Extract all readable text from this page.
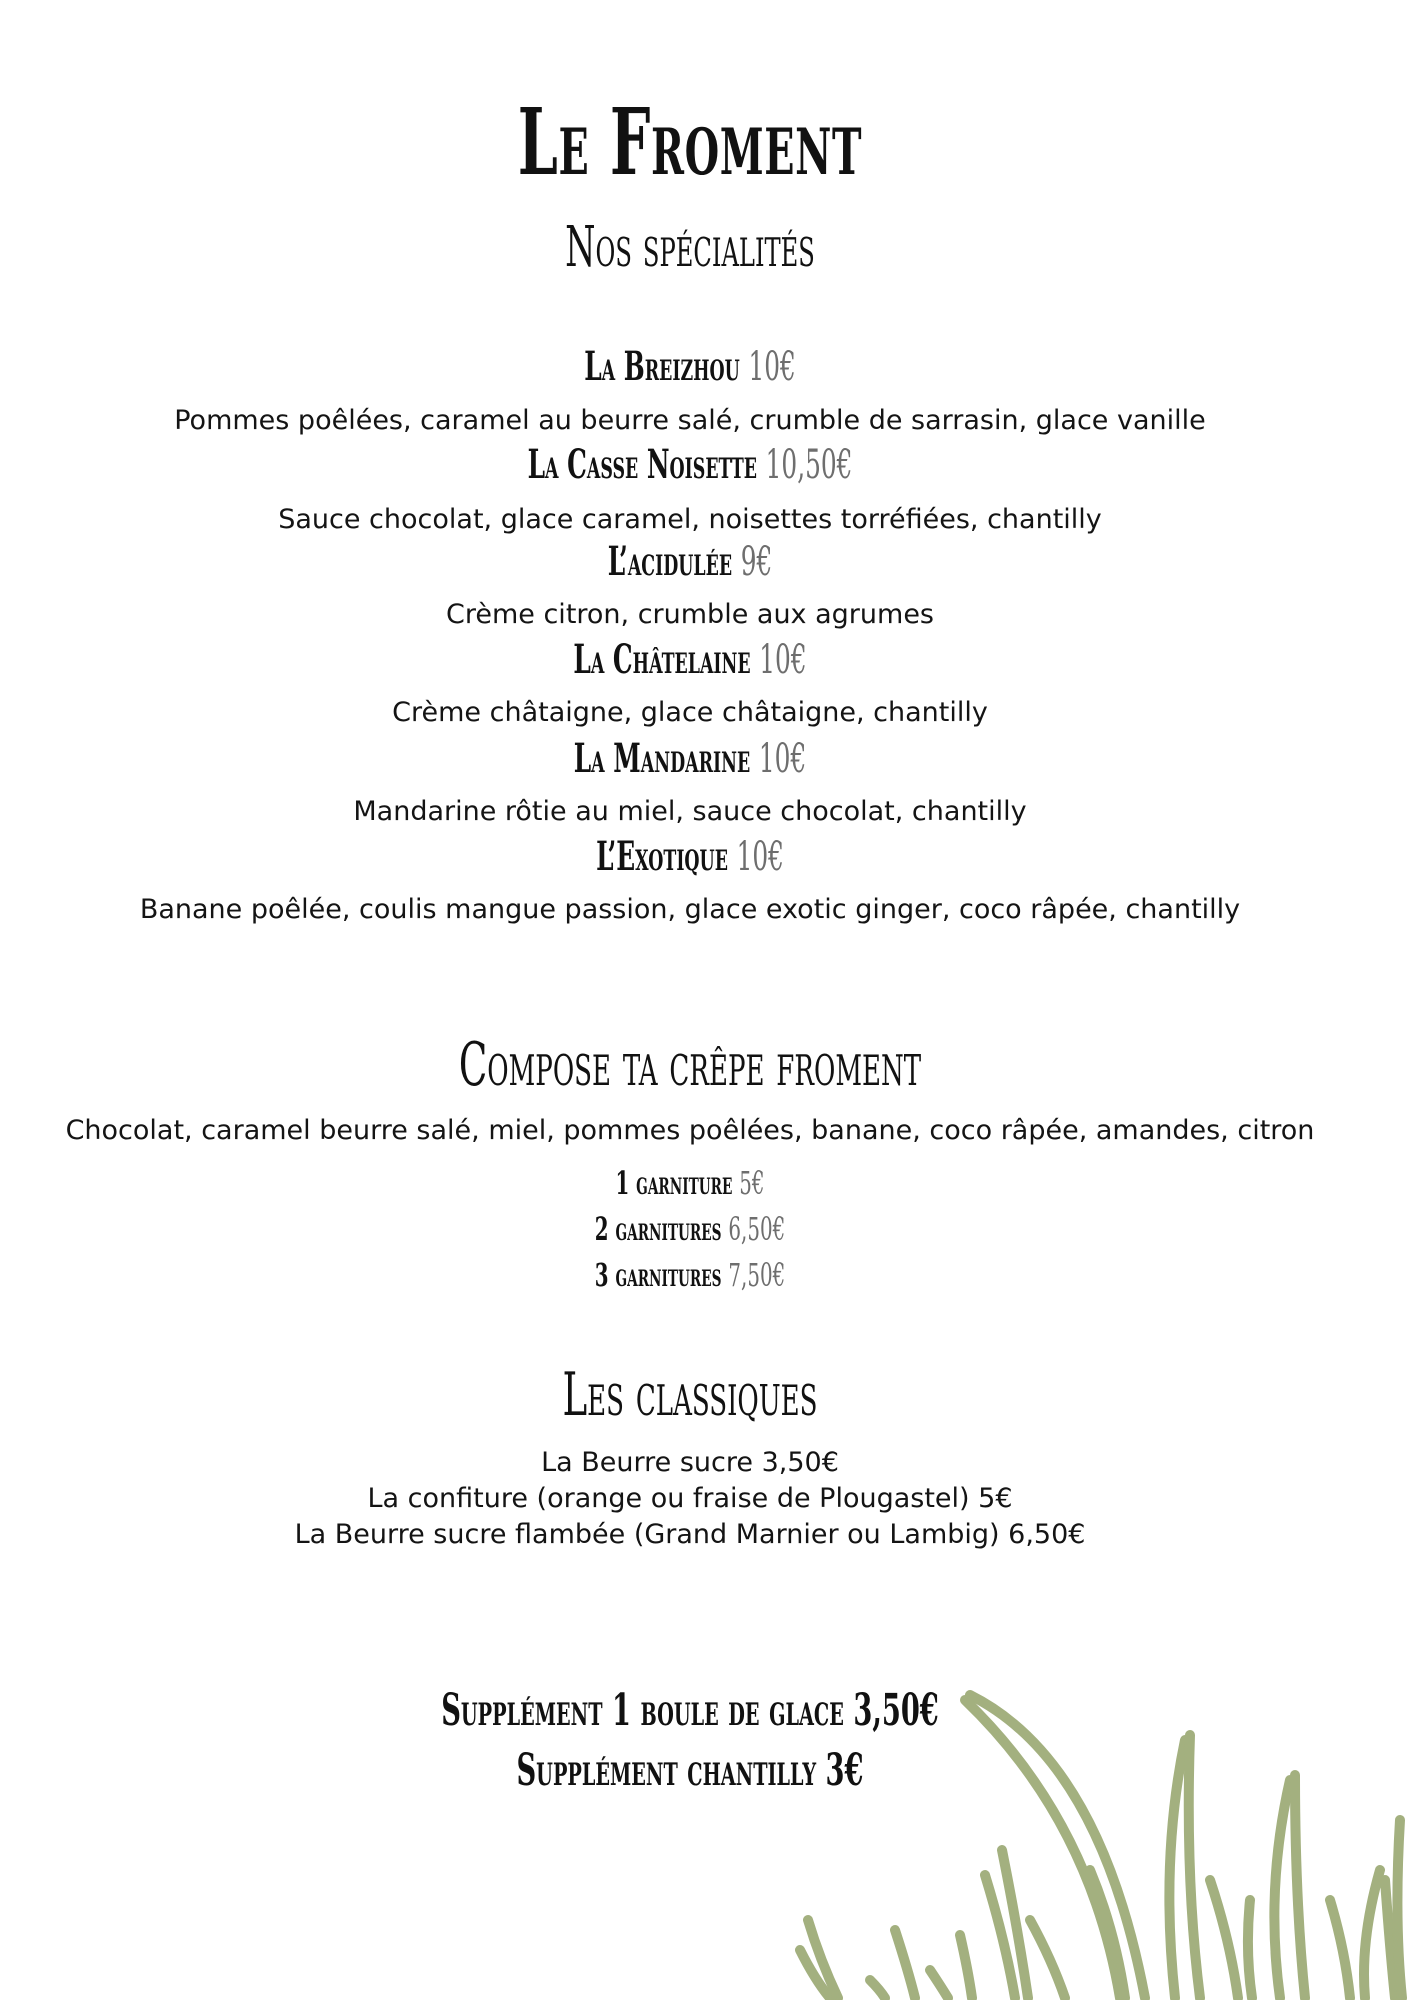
Le Froment
Nos spécialités
La Breizhou 10€
Pommes poêlées, caramel au beurre salé, crumble de sarrasin, glace vanille
La Casse Noisette 10,50€
Sauce chocolat, glace caramel, noisettes torréfiées, chantilly
L’acidulée 9€
Crème citron, crumble aux agrumes
La Châtelaine 10€
Crème châtaigne, glace châtaigne, chantilly
La Mandarine 10€
Mandarine rôtie au miel, sauce chocolat, chantilly
L’Exotique 10€
Banane poêlée, coulis mangue passion, glace exotic ginger, coco râpée, chantilly
Compose ta crêpe froment
Chocolat, caramel beurre salé, miel, pommes poêlées, banane, coco râpée, amandes, citron
1 garniture 5€
2 garnitures 6,50€
3 garnitures 7,50€
Les classiques
La Beurre sucre 3,50€
La confiture (orange ou fraise de Plougastel) 5€
La Beurre sucre flambée (Grand Marnier ou Lambig) 6,50€
Supplément 1 boule de glace 3,50€
Supplément chantilly 3€
